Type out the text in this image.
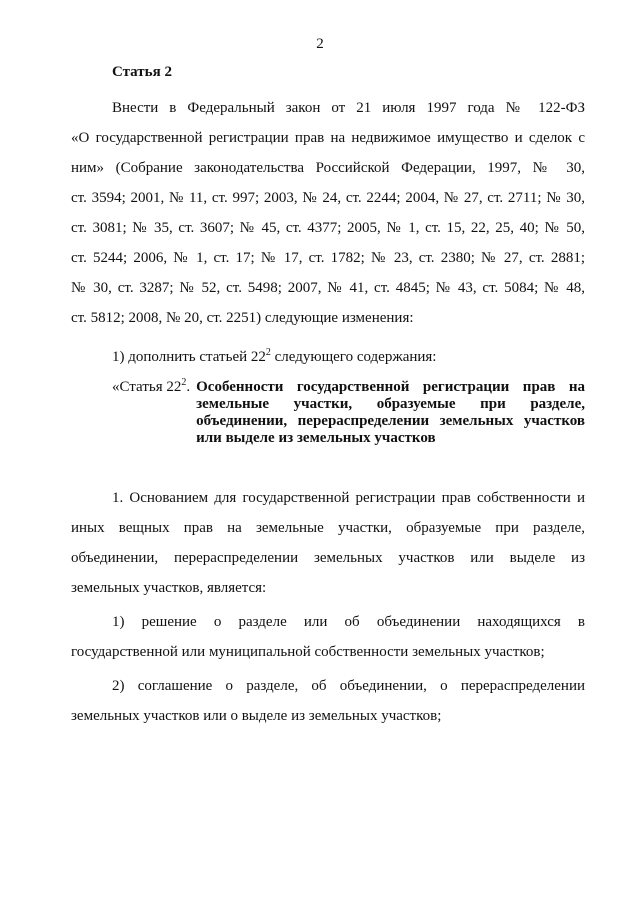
2

Статья 2

Внести в Федеральный закон от 21 июля 1997 года № 122-ФЗ
«О государственной регистрации прав на недвижимое имущество и сделок с
ним» (Собрание законодательства Российской Федерации, 1997, № 30,
ст. 3594; 2001, № 11, ст. 997; 2003, № 24, ст. 2244; 2004, № 27, ст. 2711; № 30,
ст. 3081; № 35, ст. 3607; № 45, ст. 4377; 2005, № 1, ст. 15, 22, 25, 40; № 50,
ст. 5244; 2006, № 1, ст. 17; № 17, ст. 1782; № 23, ст. 2380; № 27, ст. 2881;
№ 30, ст. 3287; № 52, ст. 5498; 2007, № 41, ст. 4845; № 43, ст. 5084; № 48,
ст. 5812; 2008, № 20, ст. 2251) следующие изменения:

1) дополнить статьей $22^2$ следующего содержания:

«Статья $22^2$. Особенности государственной регистрации прав на
земельные участки, образуемые при разделе,
объединении, перераспределении земельных участков
или выделе из земельных участков
1. Основанием для государственной регистрации прав собственности и
иных вещных прав на земельные участки, образуемые при разделе,
объединении, перераспределении земельных участков или выделе из
земельных участков, является:
1) решение о разделе или об объединении находящихся в
государственной или муниципальной собственности земельных участков;
2) соглашение о разделе, об объединении, о перераспределении
земельных участков или о выделе из земельных участков;
